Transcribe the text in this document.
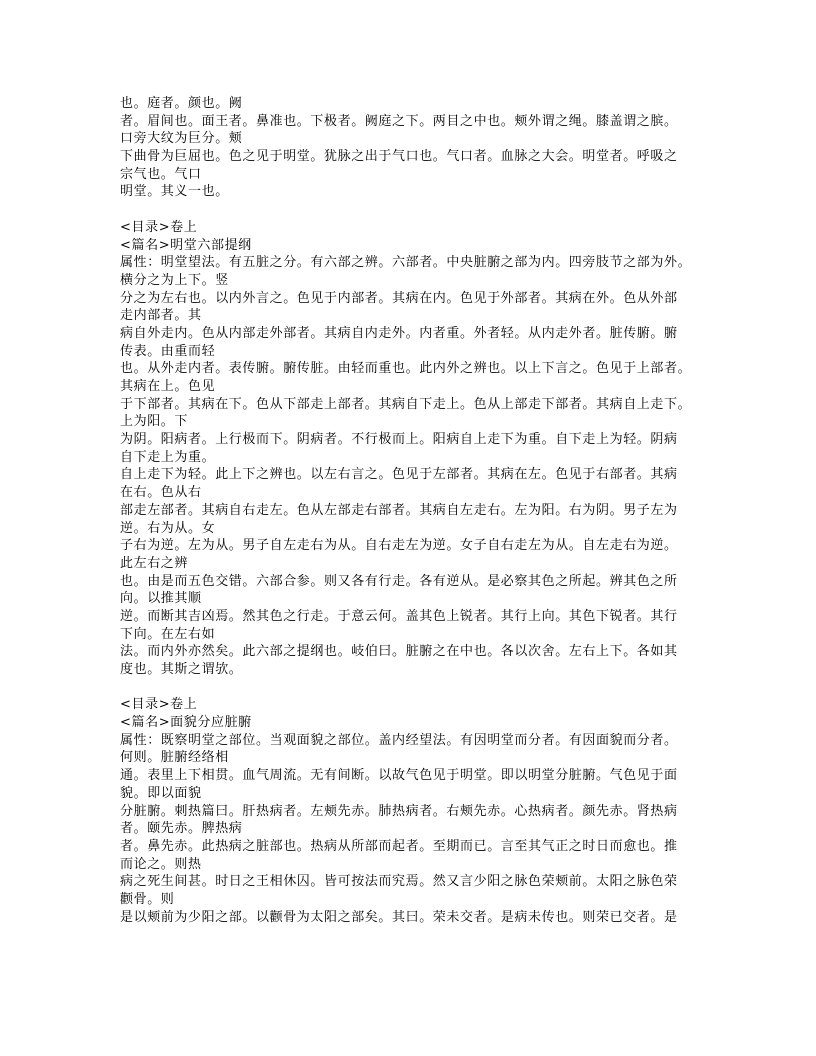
也。庭者。颜也。阙
者。眉间也。面王者。鼻准也。下极者。阙庭之下。两目之中也。颊外谓之绳。膝盖谓之膑。
口旁大纹为巨分。颊
下曲骨为巨屈也。色之见于明堂。犹脉之出于气口也。气口者。血脉之大会。明堂者。呼吸之
宗气也。气口
明堂。其义一也。
<目录>卷上
<篇名>明堂六部提纲
属性：明堂望法。有五脏之分。有六部之辨。六部者。中央脏腑之部为内。四旁肢节之部为外。
横分之为上下。竖
分之为左右也。以内外言之。色见于内部者。其病在内。色见于外部者。其病在外。色从外部
走内部者。其
病自外走内。色从内部走外部者。其病自内走外。内者重。外者轻。从内走外者。脏传腑。腑
传表。由重而轻
也。从外走内者。表传腑。腑传脏。由轻而重也。此内外之辨也。以上下言之。色见于上部者。
其病在上。色见
于下部者。其病在下。色从下部走上部者。其病自下走上。色从上部走下部者。其病自上走下。
上为阳。下
为阴。阳病者。上行极而下。阴病者。不行极而上。阳病自上走下为重。自下走上为轻。阴病
自下走上为重。
自上走下为轻。此上下之辨也。以左右言之。色见于左部者。其病在左。色见于右部者。其病
在右。色从右
部走左部者。其病自右走左。色从左部走右部者。其病自左走右。左为阳。右为阴。男子左为
逆。右为从。女
子右为逆。左为从。男子自左走右为从。自右走左为逆。女子自右走左为从。自左走右为逆。
此左右之辨
也。由是而五色交错。六部合参。则又各有行走。各有逆从。是必察其色之所起。辨其色之所
向。以推其顺
逆。而断其吉凶焉。然其色之行走。于意云何。盖其色上锐者。其行上向。其色下锐者。其行
下向。在左右如
法。而内外亦然矣。此六部之提纲也。岐伯曰。脏腑之在中也。各以次舍。左右上下。各如其
度也。其斯之谓欤。
<目录>卷上
<篇名>面貌分应脏腑
属性：既察明堂之部位。当观面貌之部位。盖内经望法。有因明堂而分者。有因面貌而分者。
何则。脏腑经络相
通。表里上下相贯。血气周流。无有间断。以故气色见于明堂。即以明堂分脏腑。气色见于面
貌。即以面貌
分脏腑。刺热篇曰。肝热病者。左颊先赤。肺热病者。右颊先赤。心热病者。颜先赤。肾热病
者。颐先赤。脾热病
者。鼻先赤。此热病之脏部也。热病从所部而起者。至期而已。言至其气正之时日而愈也。推
而论之。则热
病之死生间甚。时日之王相休囚。皆可按法而究焉。然又言少阳之脉色荣颊前。太阳之脉色荣
颧骨。则
是以颊前为少阳之部。以颧骨为太阳之部矣。其曰。荣未交者。是病未传也。则荣已交者。是
